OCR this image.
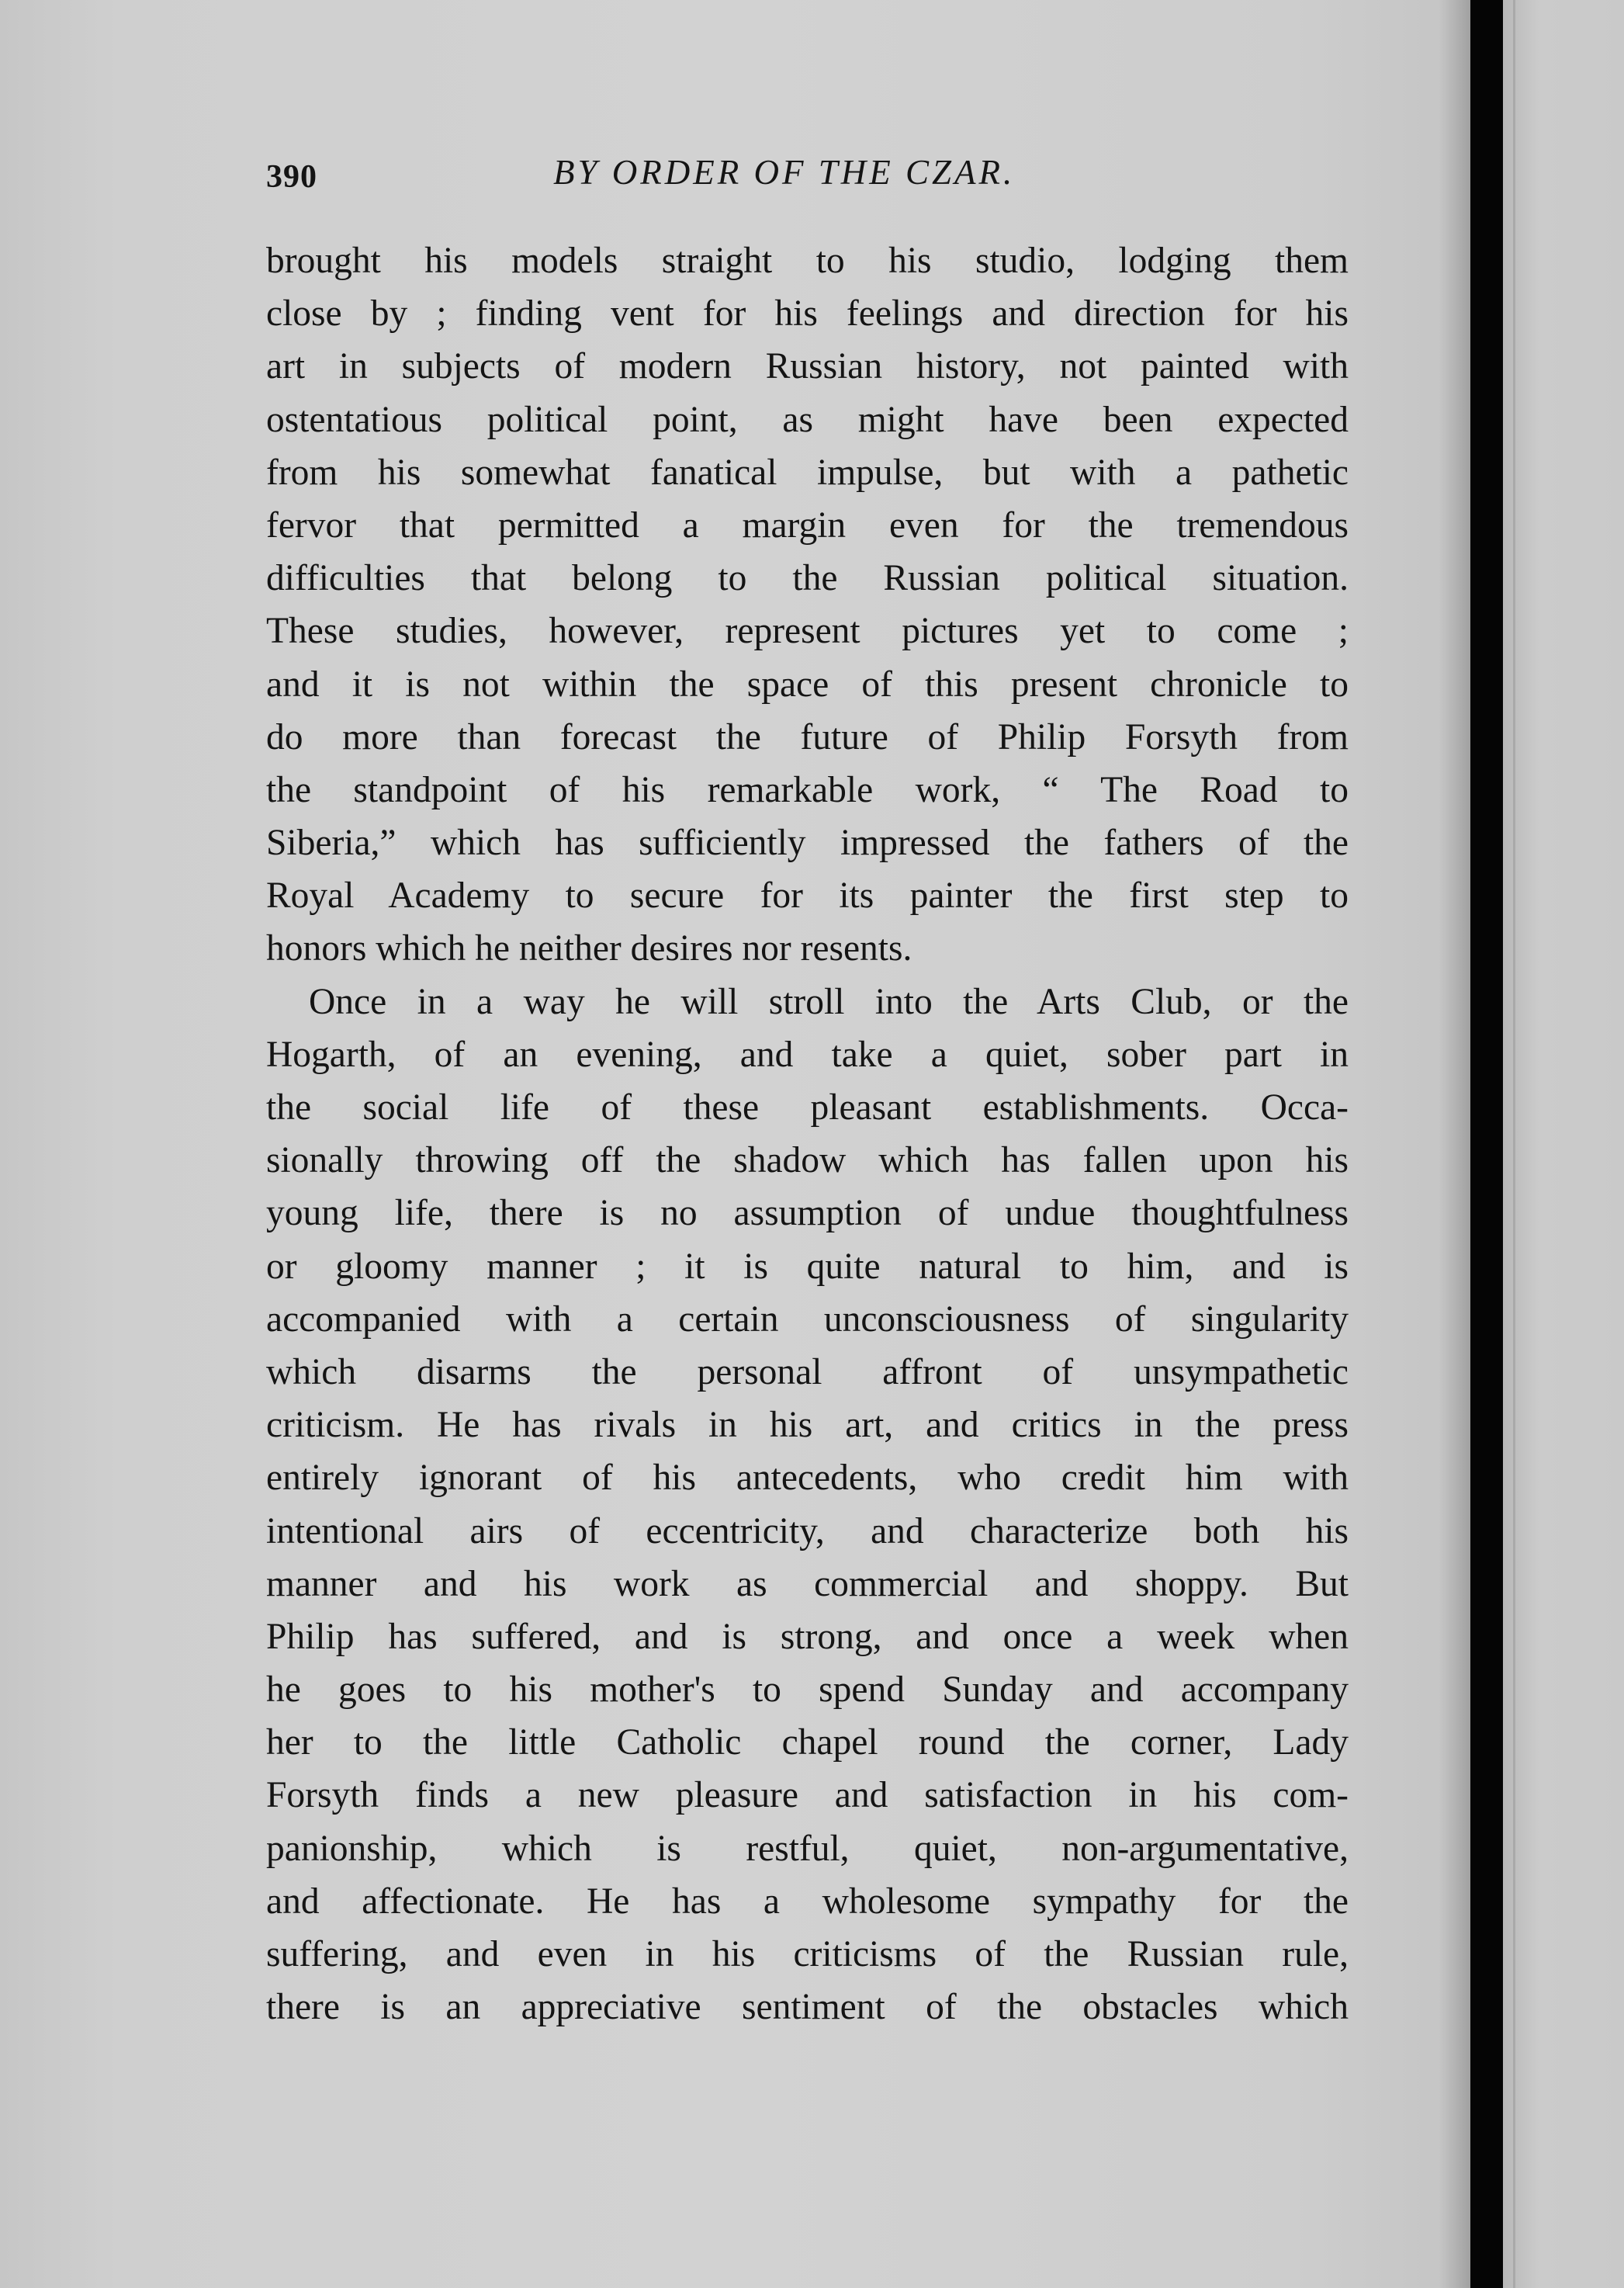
390	BY ORDER OF THE CZAR.
brought his models straight to his studio, lodging them
close by ; finding vent for his feelings and direction for his
art in subjects of modern Russian history, not painted with
ostentatious political point, as might have been expected
from his somewhat fanatical impulse, but with a pathetic
fervor that permitted a margin even for the tremendous
difficulties that belong to the Russian political situation.
These studies, however, represent pictures yet to come ;
and it is not within the space of this present chronicle to
do more than forecast the future of Philip Forsyth from
the standpoint of his remarkable work, “ The Road to
Siberia,” which has sufficiently impressed the fathers of the
Royal Academy to secure for its painter the first step to
honors which he neither desires nor resents.
Once in a way he will stroll into the Arts Club, or the
Hogarth, of an evening, and take a quiet, sober part in
the social life of these pleasant establishments. Occa-
sionally throwing off the shadow which has fallen upon his
young life, there is no assumption of undue thoughtfulness
or gloomy manner ; it is quite natural to him, and is
accompanied with a certain unconsciousness of singularity
which disarms the personal affront of unsympathetic
criticism. He has rivals in his art, and critics in the press
entirely ignorant of his antecedents, who credit him with
intentional airs of eccentricity, and characterize both his
manner and his work as commercial and shoppy. But
Philip has suffered, and is strong, and once a week when
he goes to his mother's to spend Sunday and accompany
her to the little Catholic chapel round the corner, Lady
Forsyth finds a new pleasure and satisfaction in his com-
panionship, which is restful, quiet, non-argumentative,
and affectionate. He has a wholesome sympathy for the
suffering, and even in his criticisms of the Russian rule,
there is an appreciative sentiment of the obstacles which
